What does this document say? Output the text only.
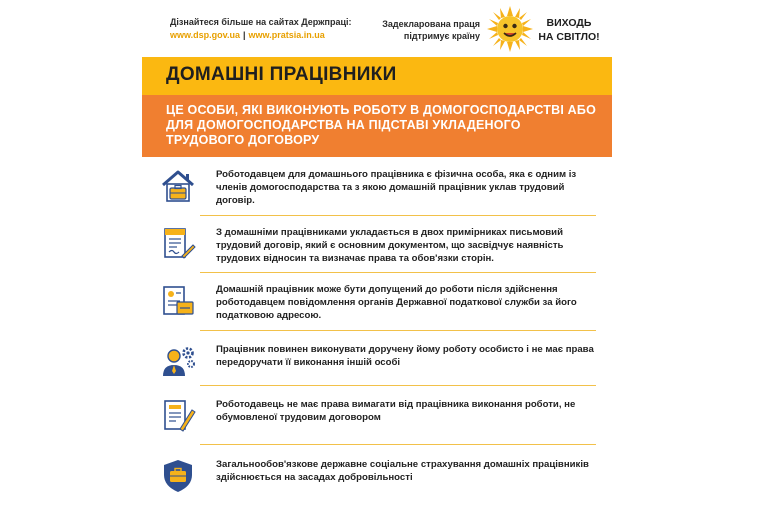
Дізнайтеся більше на сайтах Держпраці:
www.dsp.gov.ua | www.pratsia.in.ua
Задекларована праця
підтримує країну
ВИХОДЬ
НА СВІТЛО!
ДОМАШНІ ПРАЦІВНИКИ
ЦЕ ОСОБИ, ЯКІ ВИКОНУЮТЬ РОБОТУ В ДОМОГОСПОДАРСТВІ АБО ДЛЯ ДОМОГОСПОДАРСТВА НА ПІДСТАВІ УКЛАДЕНОГО ТРУДОВОГО ДОГОВОРУ
Роботодавцем для домашнього працівника є фізична особа, яка є одним із членів домогосподарства та з якою домашній працівник уклав трудовий договір.
З домашніми працівниками укладається в двох примірниках письмовий трудовий договір, який є основним документом, що засвідчує наявність трудових відносин та визначає права та обов'язки сторін.
Домашній працівник може бути допущений до роботи після здійснення роботодавцем повідомлення органів Державної податкової служби за його податковою адресою.
Працівник повинен виконувати доручену йому роботу особисто і не має права передоручати її виконання іншій особі
Роботодавець не має права вимагати від працівника виконання роботи, не обумовленої трудовим договором
Загальнообов'язкове державне соціальне страхування домашніх працівників здійснюється на засадах добровільності
